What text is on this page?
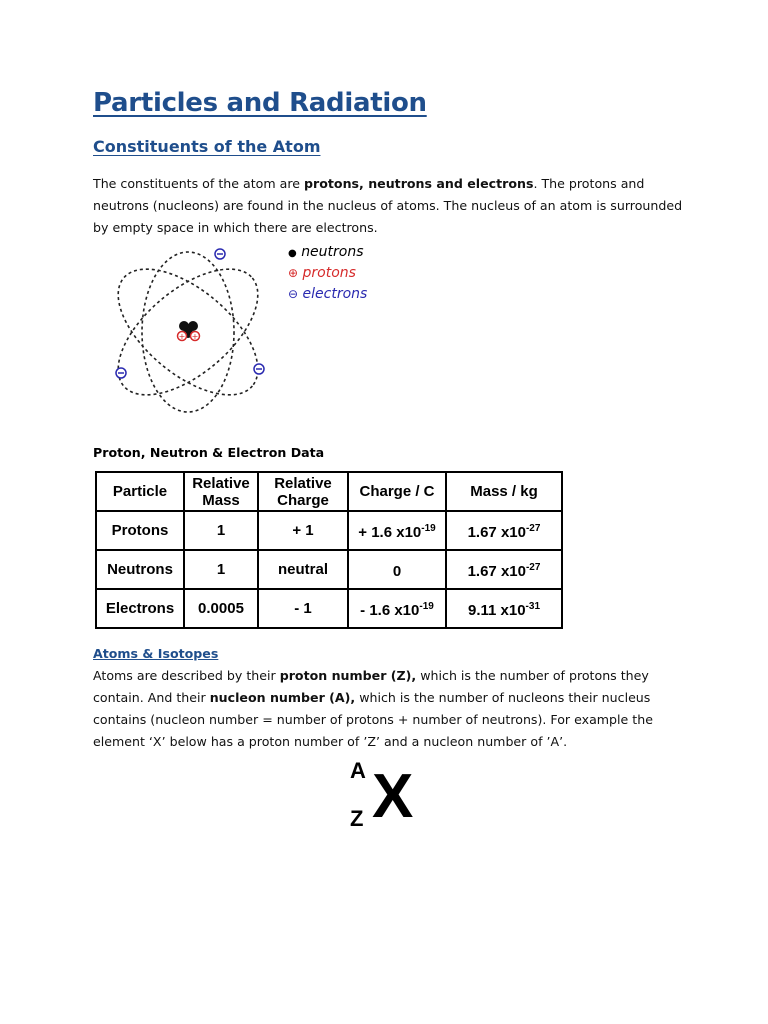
Particles and Radiation
Constituents of the Atom

The constituents of the atom are protons, neutrons and electrons. The protons and neutrons (nucleons) are found in the nucleus of atoms. The nucleus of an atom is surrounded by empty space in which there are electrons.

+ +
● neutrons
⊕ protons
⊖ electrons

Proton, Neutron & Electron Data

Particle	Relative Mass	Relative Charge	Charge / C	Mass / kg
Protons	1	+ 1	+ 1.6 $x10^{-19}$	1.67 $x10^{-27}$
Neutrons	1	neutral	0	1.67 $x10^{-27}$
Electrons	0.0005	- 1	- 1.6 $x10^{-19}$	9.11 $x10^{-31}$

Atoms & Isotopes

Atoms are described by their proton number (Z), which is the number of protons they contain. And their nucleon number (A), which is the number of nucleons their nucleus contains (nucleon number = number of protons + number of neutrons). For example the element ‘X’ below has a proton number of ’Z’ and a nucleon number of ’A’.

A
Z X
